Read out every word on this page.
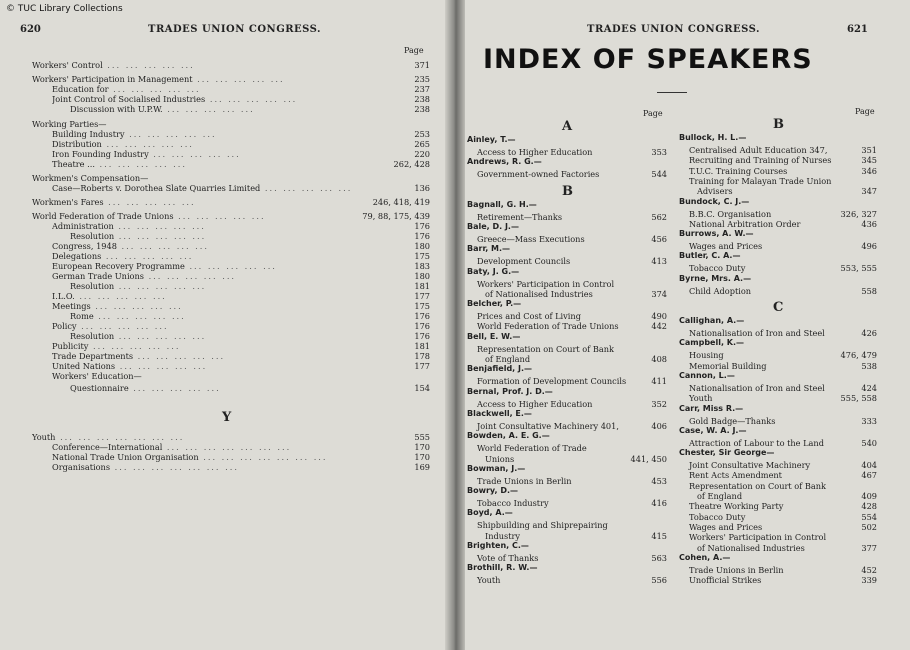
© TUC Library Collections
620	TRADES UNION CONGRESS.
Page
Workers' Control ... ... ... ... ...	371
Workers' Participation in Management ... ... ... ... ...	235
Education for ... ... ... ... ...	237
Joint Control of Socialised Industries ... ... ... ... ...	238
Discussion with U.P.W. ... ... ... ... ...	238
Working Parties—
Building Industry ... ... ... ... ...	253
Distribution ... ... ... ... ...	265
Iron Founding Industry ... ... ... ... ...	220
Theatre ... ... ... ... ... ...	262, 428
Workmen's Compensation—
Case—Roberts v. Dorothea Slate Quarries Limited ... ... ... ... ...	136
Workmen's Fares ... ... ... ... ...	246, 418, 419
World Federation of Trade Unions ... ... ... ... ...	79, 88, 175, 439
Administration ... ... ... ... ...	176
Resolution ... ... ... ... ...	176
Congress, 1948 ... ... ... ... ...	180
Delegations ... ... ... ... ...	175
European Recovery Programme ... ... ... ... ...	183
German Trade Unions ... ... ... ... ...	180
Resolution ... ... ... ... ...	181
I.L.O. ... ... ... ... ...	177
Meetings ... ... ... ... ...	175
Rome ... ... ... ... ...	176
Policy ... ... ... ... ...	176
Resolution ... ... ... ... ...	176
Publicity ... ... ... ... ...	181
Trade Departments ... ... ... ... ...	178
United Nations ... ... ... ... ...	177
Workers' Education—
Questionnaire ... ... ... ... ...	154
Y
Youth ... ... ... ... ... ... ...	555
Conference—International ... ... ... ... ... ... ...	170
National Trade Union Organisation ... ... ... ... ... ... ...	170
Organisations ... ... ... ... ... ... ...	169
TRADES UNION CONGRESS.	621
INDEX OF SPEAKERS
Page	Page
A
Ainley, T.—
Access to Higher Education	353
Andrews, R. G.—
Government-owned Factories	544
B
Bagnall, G. H.—
Retirement—Thanks	562
Bale, D. J.—
Greece—Mass Executions	456
Barr, M.—
Development Councils	413
Baty, J. G.—
Workers' Participation in Control
of Nationalised Industries	374
Belcher, P.—
Prices and Cost of Living	490
World Federation of Trade Unions	442
Bell, E. W.—
Representation on Court of Bank
of England	408
Benjafield, J.—
Formation of Development Councils	411
Bernal, Prof. J. D.—
Access to Higher Education	352
Blackwell, E.—
Joint Consultative Machinery 401,	406
Bowden, A. E. G.—
World Federation of Trade
Unions	441, 450
Bowman, J.—
Trade Unions in Berlin	453
Bowry, D.—
Tobacco Industry	416
Boyd, A.—
Shipbuilding and Shiprepairing
Industry	415
Brighten, C.—
Vote of Thanks	563
Brothill, R. W.—
Youth	556
B
Bullock, H. L.—
Centralised Adult Education 347,	351
Recruiting and Training of Nurses	345
T.U.C. Training Courses	346
Training for Malayan Trade Union
Advisers	347
Bundock, C. J.—
B.B.C. Organisation	326, 327
National Arbitration Order	436
Burrows, A. W.—
Wages and Prices	496
Butler, C. A.—
Tobacco Duty	553, 555
Byrne, Mrs. A.—
Child Adoption	558
C
Callighan, A.—
Nationalisation of Iron and Steel	426
Campbell, K.—
Housing	476, 479
Memorial Building	538
Cannon, L.—
Nationalisation of Iron and Steel	424
Youth	555, 558
Carr, Miss R.—
Gold Badge—Thanks	333
Case, W. A. J.—
Attraction of Labour to the Land	540
Chester, Sir George—
Joint Consultative Machinery	404
Rent Acts Amendment	467
Representation on Court of Bank
of England	409
Theatre Working Party	428
Tobacco Duty	554
Wages and Prices	502
Workers' Participation in Control
of Nationalised Industries	377
Cohen, A.—
Trade Unions in Berlin	452
Unofficial Strikes	339
